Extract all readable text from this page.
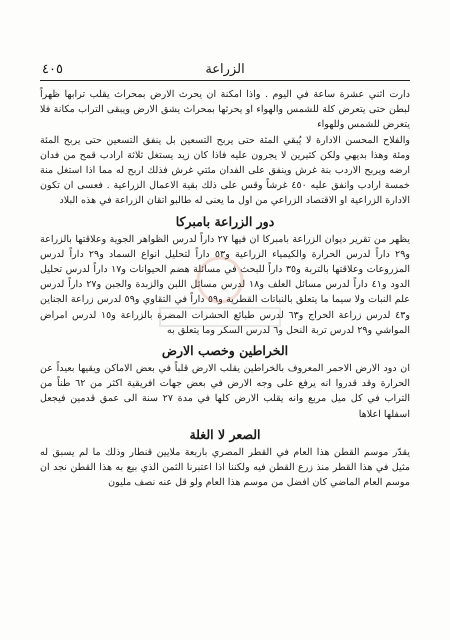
٤٠٥	الزراعة

دارت اثني عشرة ساعة في اليوم . واذا امكنة ان يحرث الارض بمحراث يقلب ترابها ظهراً لبطن حتى يتعرض كلة للشمس والهواء او يحرثها بمحراث يشق الارض ويبقى التراب مكانة فلا يتعرض للشمس وللهواء

والفلاح المحسن الادارة لا يُبقي المثة حتى يربح التسعين بل ينفق التسعين حتى يربح المئة ومئة وهذا بديهي ولكن كثيرين لا يجرون عليه فاذا كان زيد يستغل ثلاثة ارادب قمح من فدان ارضه ويربح الاردب بنة غرش وينفق على الفدان مئتي غرش فذلك اربح له مما اذا استغل منة خمسة ارادب وانفق عليه ٤٥٠ غرشاً وقس على ذلك بقية الاعمال الزراعية . فعسى ان تكون الادارة الزراعية او الاقتصاد الزراعي من اول ما يعنى له طالبو اتقان الزراعة في هذه البلاد

دور الزراعة بامبركا

يظهر من تقرير ديوان الزراعة بامبركا ان فيها ٢٧ داراً لدرس الظواهر الجوية وعلاقتها بالزراعة و٢٩ داراً لدرس الحرارة والكيمياء الزراعية و٥٣ داراً لتحليل انواع السماد و٢٩ داراً لدرس المزروعات وعلاقتها بالتربة و٣٥ داراً للبحث في مسائلة هضم الحيوانات و١٧ داراً لدرس تحليل الدود و٤١ داراً لدرس مسائل العلف و١٨ لدرس مسائل اللبن والزبدة والجبن و٢٧ داراً لدرس علم النبات ولا سيما ما يتعلق بالنباتات القطرية و٥٩ داراً في التقاوي و٥٩ لدرس زراعة الجناين و٤٣ لدرس زراعة الحراج و٦٣ لدرس طبائع الحشرات المضرة بالزراعة و١٥ لدرس امراض المواشي و٢٩ لدرس تربة النحل و٦ لدرس السكر وما يتعلق به

الخراطين وخصب الارض

ان دود الارض الاحمر المعروف بالخراطين يقلب الارض قلباً في بعض الاماكن ويقيها بعيداً عن الحرارة وقد قدروا انه يرفع على وجه الارض في بعض جهات افريقية اكثر من ٦٢ طناً من التراب في كل ميل مربع وانه يقلب الارض كلها في مدة ٢٧ سنة الى عمق قدمين فيجعل اسفلها اعلاها

الصعر لا الغلة

يقدّر موسم القطن هذا العام في القطر المصري باربعة ملايين قنطار وذلك ما لم يسبق له مثيل في هذا القطر منذ زرع القطن فيه ولكننا اذا اعتبرنا الثمن الذي بيع به هذا القطن نجد ان موسم العام الماضي كان افضل من موسم هذا العام ولو قل عنه نصف مليون
